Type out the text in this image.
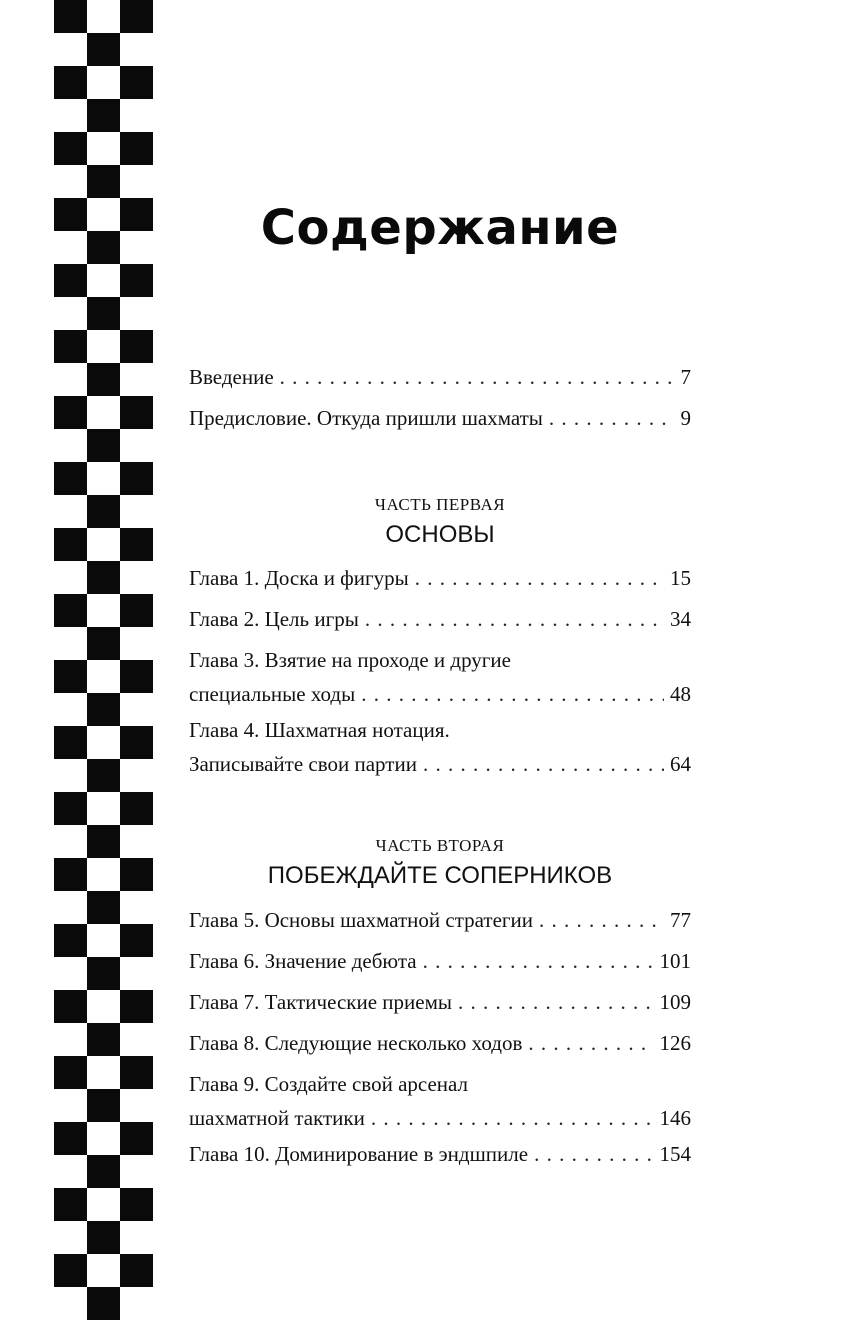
Содержание
Введение . . .	7
Предисловие. Откуда пришли шахматы . . .	9
ЧАСТЬ ПЕРВАЯ
ОСНОВЫ
Глава 1. Доска и фигуры . . .	15
Глава 2. Цель игры . . .	34
Глава 3. Взятие на проходе и другие
специальные ходы . . .	48
Глава 4. Шахматная нотация.
Записывайте свои партии . . .	64
ЧАСТЬ ВТОРАЯ
ПОБЕЖДАЙТЕ СОПЕРНИКОВ
Глава 5. Основы шахматной стратегии . . .	77
Глава 6. Значение дебюта . . .	101
Глава 7. Тактические приемы . . .	109
Глава 8. Следующие несколько ходов . . .	126
Глава 9. Создайте свой арсенал
шахматной тактики . . .	146
Глава 10. Доминирование в эндшпиле . . .	154
